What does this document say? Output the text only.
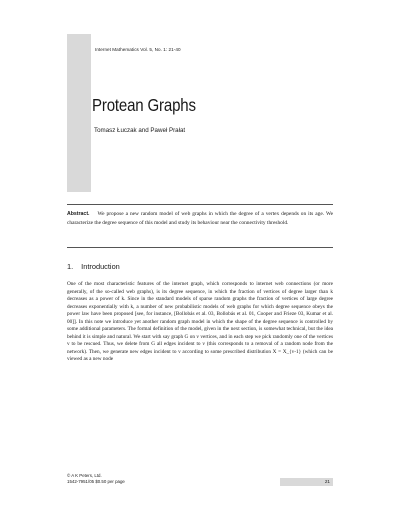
Internet Mathematics Vol. 5, No. 1: 21-40
Protean Graphs
Tomasz Łuczak and Paweł Prałat
Abstract. We propose a new random model of web graphs in which the degree of a vertex depends on its age. We characterize the degree sequence of this model and study its behaviour near the connectivity threshold.
1. Introduction

One of the most characteristic features of the internet graph, which corresponds to internet web connections (or more generally, of the so-called web graphs), is its degree sequence, in which the fraction of vertices of degree larger than k decreases as a power of k. Since in the standard models of sparse random graphs the fraction of vertices of large degree decreases exponentially with k, a number of new probabilistic models of web graphs for which degree sequence obeys the power law have been proposed [see, for instance, [Bollobás et al. 03, Bollobás et al. 01, Cooper and Frieze 03, Kumar et al. 00]]. In this note we introduce yet another random graph model in which the shape of the degree sequence is controlled by some additional parameters. The formal definition of the model, given in the next section, is somewhat technical, but the idea behind it is simple and natural. We start with say graph G on v vertices, and in each step we pick randomly one of the vertices v to be rescued. Thus, we delete from G all edges incident to v (this corresponds to a removal of a random node from the network). Then, we generate new edges incident to v according to some prescribed distribution X = X_{v-1} (which can be viewed as a new node

© A K Peters, Ltd.
1542-7951/05 $0.50 per page	21
